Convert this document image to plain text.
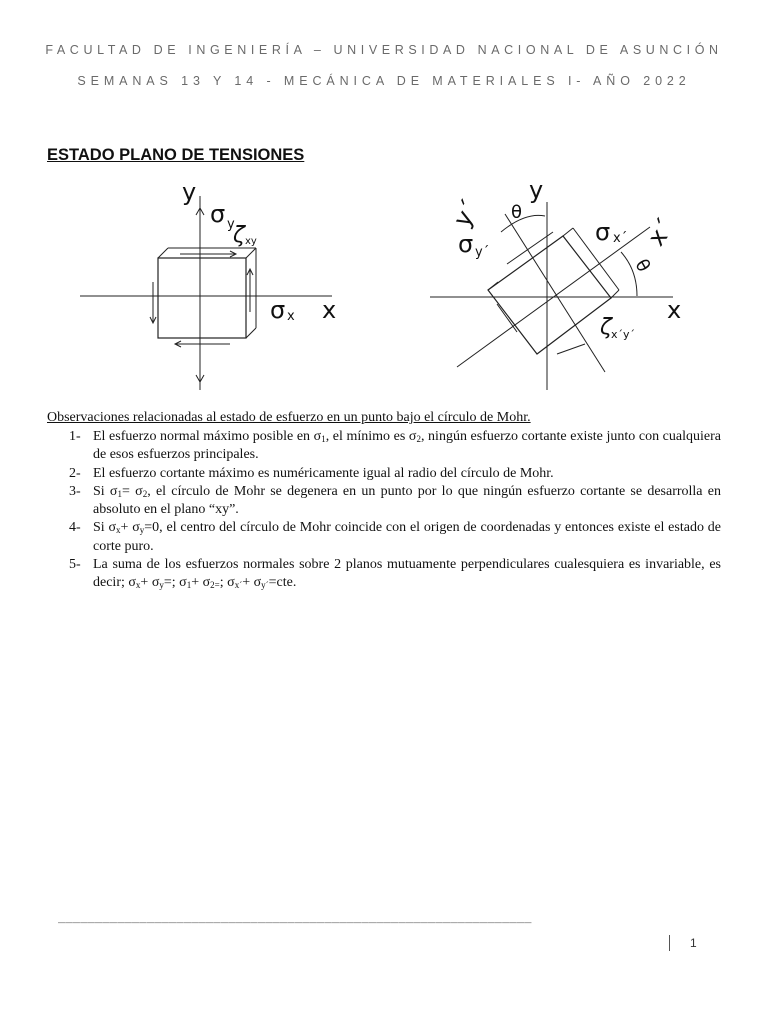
FACULTAD DE INGENIERÍA – UNIVERSIDAD NACIONAL DE ASUNCIÓN
SEMANAS 13 Y 14 - MECÁNICA DE MATERIALES I- AÑO 2022
ESTADO PLANO DE TENSIONES
y
x
σ y
ζ xy
σ x
y
x
y´
x´
θ
θ
σ y´
σ x´
ζ x´y´
Observaciones relacionadas al estado de esfuerzo en un punto bajo el círculo de Mohr.
1- El esfuerzo normal máximo posible en $\sigma_1$, el mínimo es $\sigma_2$, ningún esfuerzo cortante existe junto con cualquiera de esos esfuerzos principales.
2- El esfuerzo cortante máximo es numéricamente igual al radio del círculo de Mohr.
3- Si $\sigma_1= \sigma_2$, el círculo de Mohr se degenera en un punto por lo que ningún esfuerzo cortante se desarrolla en absoluto en el plano “xy”.
4- Si $\sigma_x+ \sigma_y=0$, el centro del círculo de Mohr coincide con el origen de coordenadas y entonces existe el estado de corte puro.
5- La suma de los esfuerzos normales sobre 2 planos mutuamente perpendiculares cualesquiera es invariable, es decir; $\sigma_x+ \sigma_y=$; $\sigma_1+ \sigma_{2=}$; $\sigma_{x´}+ \sigma_{y´}=cte$.
________________________________________________________________
1
